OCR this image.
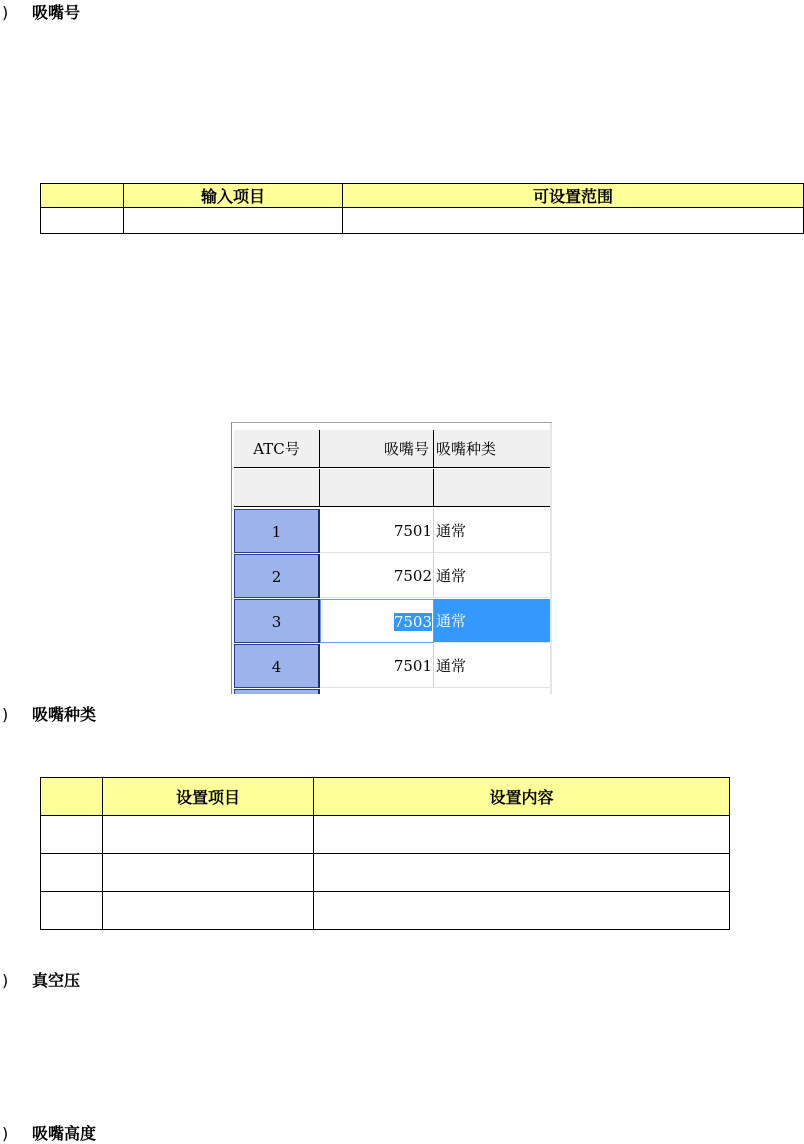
) 吸嘴号
	输入项目	可设置范围

ATC号	吸嘴号 吸嘴种类
1	7501 通常
2	7502 通常
3	7503 通常
4	7501 通常
) 吸嘴种类
	设置项目	设置内容

) 真空压
) 吸嘴高度
